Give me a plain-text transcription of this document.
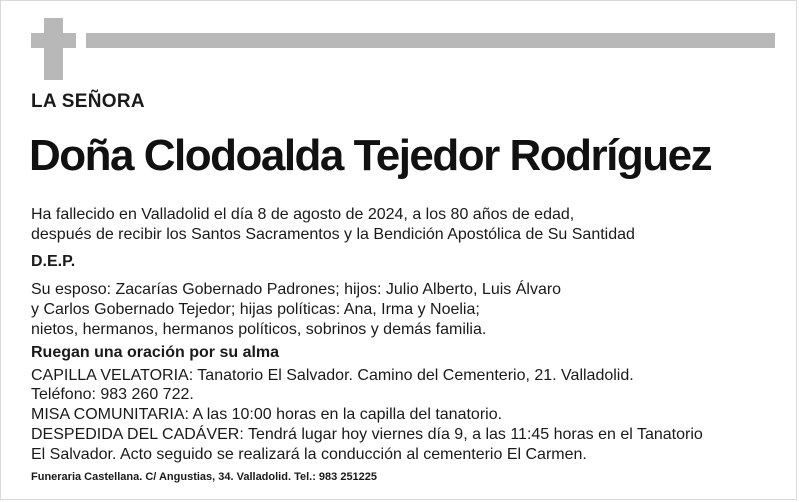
LA SEÑORA
Doña Clodoalda Tejedor Rodríguez
Ha fallecido en Valladolid el día 8 de agosto de 2024, a los 80 años de edad,
después de recibir los Santos Sacramentos y la Bendición Apostólica de Su Santidad
D.E.P.
Su esposo: Zacarías Gobernado Padrones; hijos: Julio Alberto, Luis Álvaro
y Carlos Gobernado Tejedor; hijas políticas: Ana, Irma y Noelia;
nietos, hermanos, hermanos políticos, sobrinos y demás familia.
Ruegan una oración por su alma
CAPILLA VELATORIA: Tanatorio El Salvador. Camino del Cementerio, 21. Valladolid.
Teléfono: 983 260 722.
MISA COMUNITARIA: A las 10:00 horas en la capilla del tanatorio.
DESPEDIDA DEL CADÁVER: Tendrá lugar hoy viernes día 9, a las 11:45 horas en el Tanatorio
El Salvador. Acto seguido se realizará la conducción al cementerio El Carmen.
Funeraria Castellana. C/ Angustias, 34. Valladolid. Tel.: 983 251225
